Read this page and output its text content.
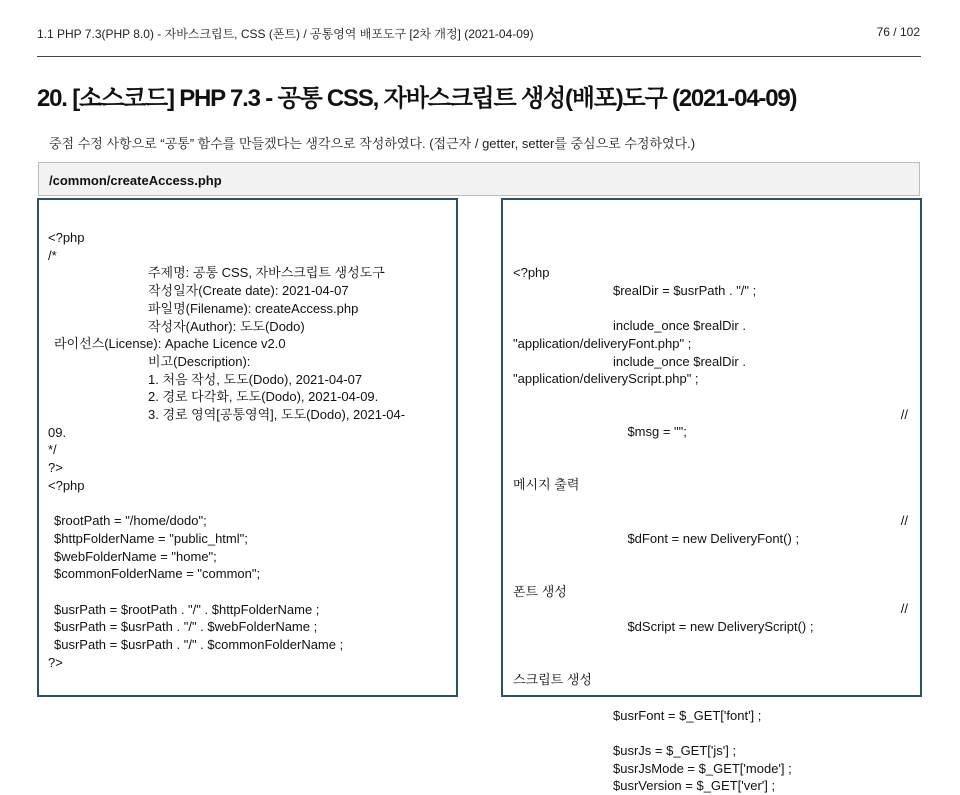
1.1 PHP 7.3(PHP 8.0) - 자바스크립트, CSS (폰트) / 공통영역 배포도구 [2차 개정] (2021-04-09)	76 / 102
20. [소스코드] PHP 7.3 - 공통 CSS, 자바스크립트 생성(배포)도구 (2021-04-09)
중점 수정 사항으로 “공통” 함수를 만들겠다는 생각으로 작성하였다. (접근자 / getter, setter를 중심으로 수정하였다.)
/common/createAccess.php
<?php
/*
주제명: 공통 CSS, 자바스크립트 생성도구
작성일자(Create date): 2021-04-07
파일명(Filename): createAccess.php
작성자(Author): 도도(Dodo)
라이선스(License): Apache Licence v2.0
비고(Description):
1. 처음 작성, 도도(Dodo), 2021-04-07
2. 경로 다각화, 도도(Dodo), 2021-04-09.
3. 경로 영역[공통영역], 도도(Dodo), 2021-04-
09.
*/
?>
<?php
$rootPath = "/home/dodo";
$httpFolderName = "public_html";
$webFolderName = "home";
$commonFolderName = "common";
$usrPath = $rootPath . "/" . $httpFolderName ;
$usrPath = $usrPath . "/" . $webFolderName ;
$usrPath = $usrPath . "/" . $commonFolderName ;
?>
<?php
$realDir = $usrPath . "/" ;
include_once $realDir .
"application/deliveryFont.php" ;
include_once $realDir .
"application/deliveryScript.php" ;

$msg = "";

//

메시지 출력

$dFont = new DeliveryFont() ;

//

폰트 생성

$dScript = new DeliveryScript() ;

//

스크립트 생성
$usrFont = $_GET['font'] ;
$usrJs = $_GET['js'] ;
$usrJsMode = $_GET['mode'] ;
$usrVersion = $_GET['ver'] ;
